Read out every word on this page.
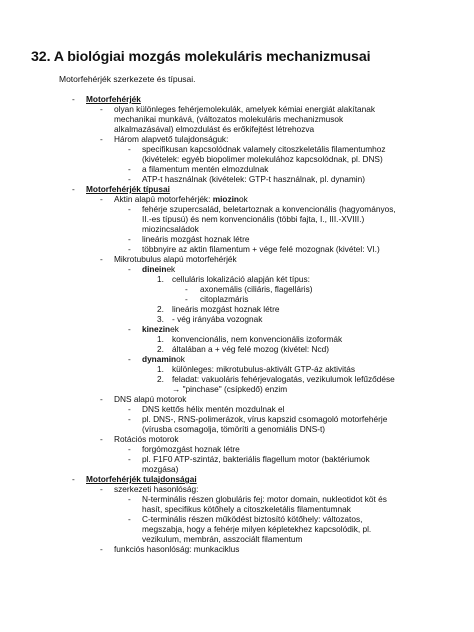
32. A biológiai mozgás molekuláris mechanizmusai
Motorfehérjék szerkezete és típusai.
- Motorfehérjék
- olyan különleges fehérjemolekulák, amelyek kémiai energiát alakítanak
mechanikai munkává, (változatos molekuláris mechanizmusok
alkalmazásával) elmozdulást és erőkifejtést létrehozva
- Három alapvető tulajdonságuk:
- specifikusan kapcsolódnak valamely citoszkeletális filamentumhoz
(kivételek: egyéb biopolimer molekulához kapcsolódnak, pl. DNS)
- a filamentum mentén elmozdulnak
- ATP-t használnak (kivételek: GTP-t használnak, pl. dynamin)
- Motorfehérjék típusai
- Aktin alapú motorfehérjék: miozinok
- fehérje szupercsalád, beletartoznak a konvencionális (hagyományos,
II.-es típusú) és nem konvencionális (többi fajta, I., III.-XVIII.)
miozincsaládok
- lineáris mozgást hoznak létre
- többnyire az aktin filamentum + vége felé mozognak (kivétel: VI.)
- Mikrotubulus alapú motorfehérjék
- dineinek
1. celluláris lokalizáció alapján két típus:
- axonemális (ciliáris, flagelláris)
- citoplazmáris
2. lineáris mozgást hoznak létre
3. - vég irányába vozognak
- kinezinek
1. konvencionális, nem konvencionális izoformák
2. általában a + vég felé mozog (kivétel: Ncd)
- dynaminok
1. különleges: mikrotubulus-aktivált GTP-áz aktivitás
2. feladat: vakuoláris fehérjevalogatás, vezikulumok lefűződése
→ "pinchase" (csípkedő) enzim
- DNS alapú motorok
- DNS kettős hélix mentén mozdulnak el
- pl. DNS-, RNS-polimerázok, vírus kapszid csomagoló motorfehérje
(vírusba csomagolja, tömöríti a genomiális DNS-t)
- Rotációs motorok
- forgómozgást hoznak létre
- pl. F1F0 ATP-szintáz, bakteriális flagellum motor (baktériumok
mozgása)
- Motorfehérjék tulajdonságai
- szerkezeti hasonlóság:
- N-terminális részen globuláris fej: motor domain, nukleotidot köt és
hasít, specifikus kötőhely a citoszkeletális filamentumnak
- C-terminális részen működést biztosító kötőhely: változatos,
megszabja, hogy a fehérje milyen képletekhez kapcsolódik, pl.
vezikulum, membrán, asszociált filamentum
- funkciós hasonlóság: munkaciklus
